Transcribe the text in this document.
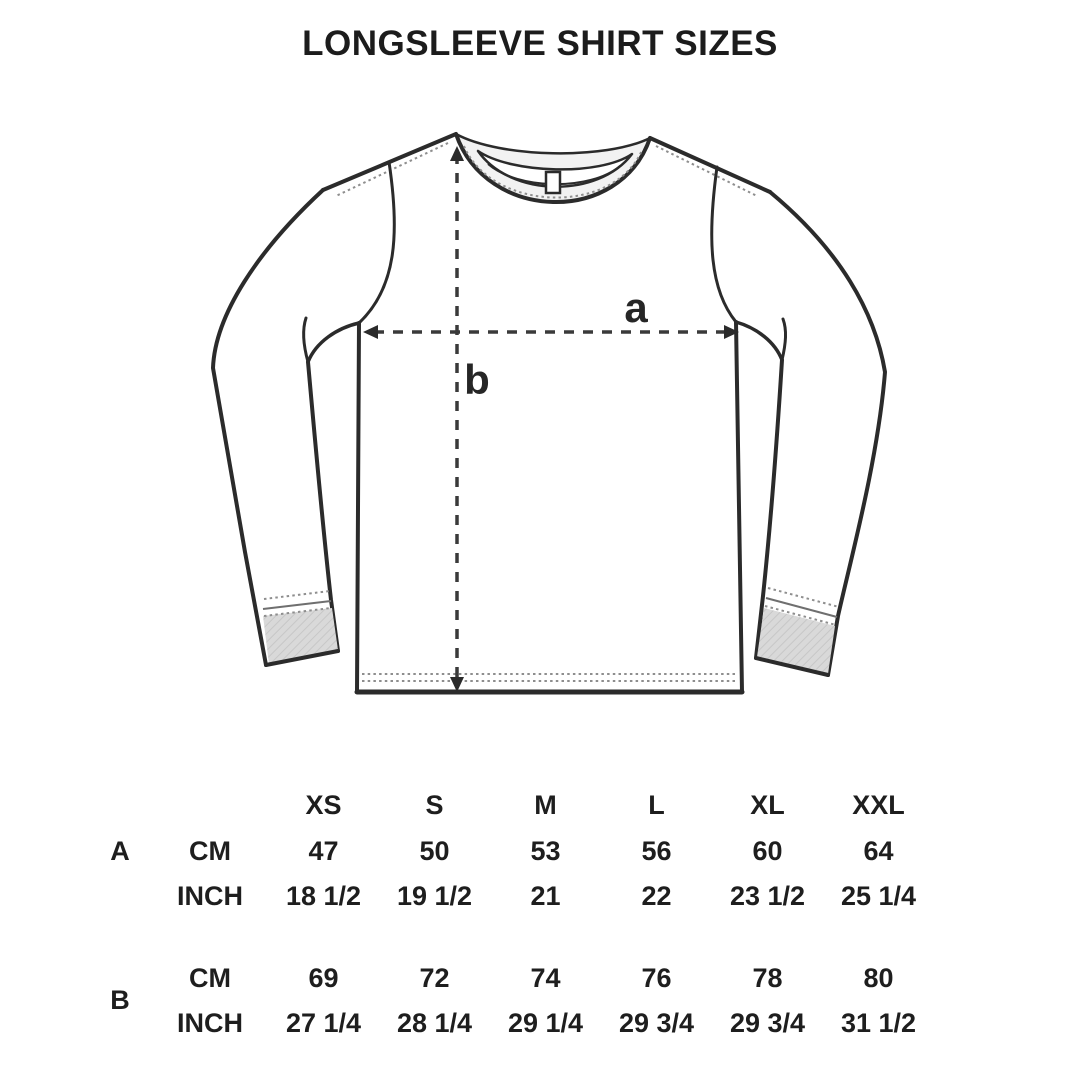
LONGSLEEVE SHIRT SIZES
a
b
XS	S	M	L	XL	XXL
A	CM	47	50	53	56	60	64
INCH	18 1/2	19 1/2	21	22	23 1/2	25 1/4
B
CM	69	72	74	76	78	80
INCH	27 1/4	28 1/4	29 1/4	29 3/4	29 3/4	31 1/2
